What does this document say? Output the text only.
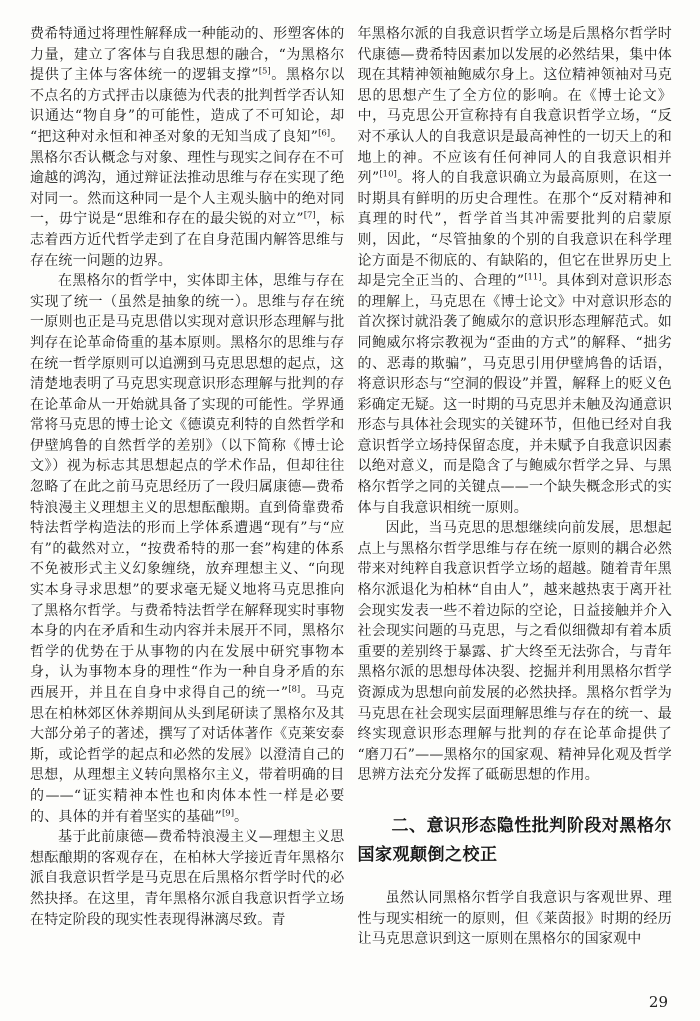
费希特通过将理性解释成一种能动的、形塑客体的力量，建立了客体与自我思想的融合，“为黑格尔提供了主体与客体统一的逻辑支撑”[5]。黑格尔以不点名的方式抨击以康德为代表的批判哲学否认知识通达“物自身”的可能性，造成了不可知论，却“把这种对永恒和神圣对象的无知当成了良知”[6]。黑格尔否认概念与对象、理性与现实之间存在不可逾越的鸿沟，通过辩证法推动思维与存在实现了绝对同一。然而这种同一是个人主观头脑中的绝对同一，毋宁说是“思维和存在的最尖锐的对立”[7]，标志着西方近代哲学走到了在自身范围内解答思维与存在统一问题的边界。

在黑格尔的哲学中，实体即主体，思维与存在实现了统一（虽然是抽象的统一）。思维与存在统一原则也正是马克思借以实现对意识形态理解与批判存在论革命倚重的基本原则。黑格尔的思维与存在统一哲学原则可以追溯到马克思思想的起点，这清楚地表明了马克思实现意识形态理解与批判的存在论革命从一开始就具备了实现的可能性。学界通常将马克思的博士论文《德谟克利特的自然哲学和伊壁鸠鲁的自然哲学的差别》（以下简称《博士论文》）视为标志其思想起点的学术作品，但却往往忽略了在此之前马克思经历了一段归属康德—费希特浪漫主义理想主义的思想酝酿期。直到倚靠费希特法哲学构造法的形而上学体系遭遇“现有”与“应有”的截然对立，“按费希特的那一套”构建的体系不免被形式主义幻象缠绕，放弃理想主义、“向现实本身寻求思想”的要求毫无疑义地将马克思推向了黑格尔哲学。与费希特法哲学在解释现实时事物本身的内在矛盾和生动内容并未展开不同，黑格尔哲学的优势在于从事物的内在发展中研究事物本身，认为事物本身的理性“作为一种自身矛盾的东西展开，并且在自身中求得自己的统一”[8]。马克思在柏林郊区休养期间从头到尾研读了黑格尔及其大部分弟子的著述，撰写了对话体著作《克莱安泰斯，或论哲学的起点和必然的发展》以澄清自己的思想，从理想主义转向黑格尔主义，带着明确的目的——“证实精神本性也和肉体本性一样是必要的、具体的并有着坚实的基础”[9]。

基于此前康德—费希特浪漫主义—理想主义思想酝酿期的客观存在，在柏林大学接近青年黑格尔派自我意识哲学是马克思在后黑格尔哲学时代的必然抉择。在这里，青年黑格尔派自我意识哲学立场在特定阶段的现实性表现得淋漓尽致。青

年黑格尔派的自我意识哲学立场是后黑格尔哲学时代康德—费希特因素加以发展的必然结果，集中体现在其精神领袖鲍威尔身上。这位精神领袖对马克思的思想产生了全方位的影响。在《博士论文》中，马克思公开宣称持有自我意识哲学立场，“反对不承认人的自我意识是最高神性的一切天上的和地上的神。不应该有任何神同人的自我意识相并列”[10]。将人的自我意识确立为最高原则，在这一时期具有鲜明的历史合理性。在那个“反对精神和真理的时代”，哲学首当其冲需要批判的启蒙原则，因此，“尽管抽象的个别的自我意识在科学理论方面是不彻底的、有缺陷的，但它在世界历史上却是完全正当的、合理的”[11]。具体到对意识形态的理解上，马克思在《博士论文》中对意识形态的首次探讨就沿袭了鲍威尔的意识形态理解范式。如同鲍威尔将宗教视为“歪曲的方式”的解释、“拙劣的、恶毒的欺骗”，马克思引用伊壁鸠鲁的话语，将意识形态与“空洞的假设”并置，解释上的贬义色彩确定无疑。这一时期的马克思并未触及沟通意识形态与具体社会现实的关键环节，但他已经对自我意识哲学立场持保留态度，并未赋予自我意识因素以绝对意义，而是隐含了与鲍威尔哲学之异、与黑格尔哲学之同的关键点——一个缺失概念形式的实体与自我意识相统一原则。

因此，当马克思的思想继续向前发展，思想起点上与黑格尔哲学思维与存在统一原则的耦合必然带来对纯粹自我意识哲学立场的超越。随着青年黑格尔派退化为柏林“自由人”，越来越热衷于离开社会现实发表一些不着边际的空论，日益接触并介入社会现实问题的马克思，与之看似细微却有着本质重要的差别终于暴露、扩大终至无法弥合，与青年黑格尔派的思想母体决裂、挖掘并利用黑格尔哲学资源成为思想向前发展的必然抉择。黑格尔哲学为马克思在社会现实层面理解思维与存在的统一、最终实现意识形态理解与批判的存在论革命提供了“磨刀石”——黑格尔的国家观、精神异化观及哲学思辨方法充分发挥了砥砺思想的作用。

二、意识形态隐性批判阶段对黑格尔国家观颠倒之校正

虽然认同黑格尔哲学自我意识与客观世界、理性与现实相统一的原则，但《莱茵报》时期的经历让马克思意识到这一原则在黑格尔的国家观中

29
